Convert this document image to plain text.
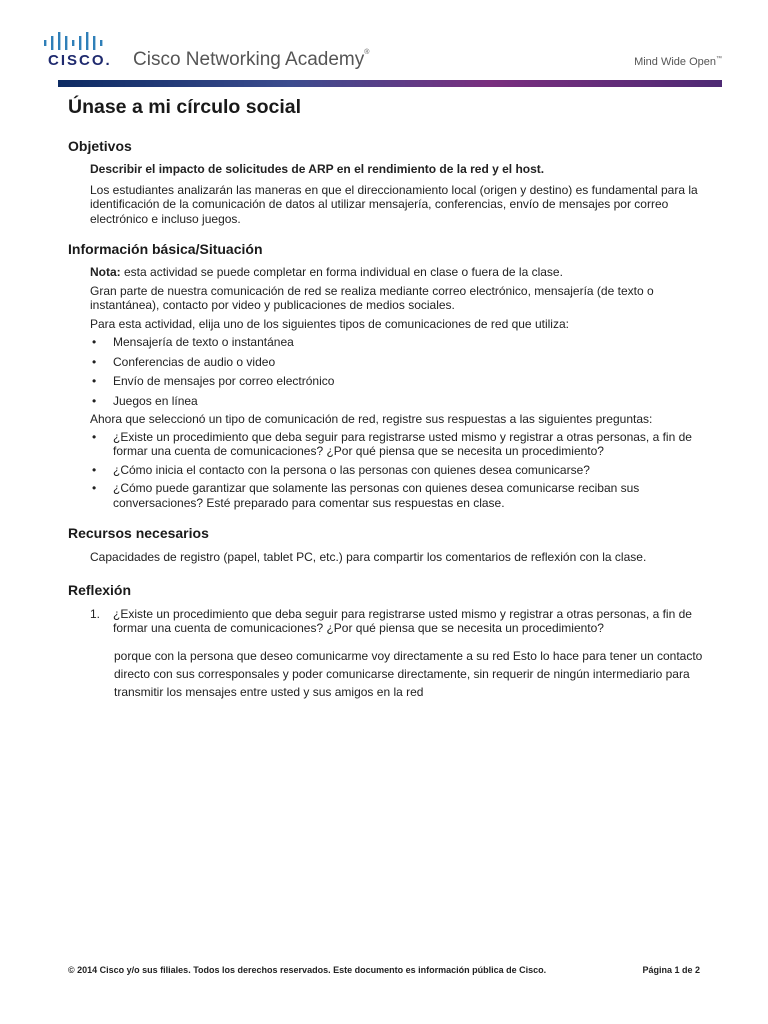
CISCO. Cisco Networking Academy®
Mind Wide Open™
Únase a mi círculo social
Objetivos

Describir el impacto de solicitudes de ARP en el rendimiento de la red y el host.

Los estudiantes analizarán las maneras en que el direccionamiento local (origen y destino) es fundamental para la identificación de la comunicación de datos al utilizar mensajería, conferencias, envío de mensajes por correo electrónico e incluso juegos.

Información básica/Situación

Nota: esta actividad se puede completar en forma individual en clase o fuera de la clase.

Gran parte de nuestra comunicación de red se realiza mediante correo electrónico, mensajería (de texto o instantánea), contacto por video y publicaciones de medios sociales.

Para esta actividad, elija uno de los siguientes tipos de comunicaciones de red que utiliza:

• Mensajería de texto o instantánea
• Conferencias de audio o video
• Envío de mensajes por correo electrónico
• Juegos en línea

Ahora que seleccionó un tipo de comunicación de red, registre sus respuestas a las siguientes preguntas:

• ¿Existe un procedimiento que deba seguir para registrarse usted mismo y registrar a otras personas, a fin de formar una cuenta de comunicaciones? ¿Por qué piensa que se necesita un procedimiento?
• ¿Cómo inicia el contacto con la persona o las personas con quienes desea comunicarse?
• ¿Cómo puede garantizar que solamente las personas con quienes desea comunicarse reciban sus conversaciones? Esté preparado para comentar sus respuestas en clase.
Recursos necesarios

Capacidades de registro (papel, tablet PC, etc.) para compartir los comentarios de reflexión con la clase.

Reflexión
1. ¿Existe un procedimiento que deba seguir para registrarse usted mismo y registrar a otras personas, a fin de formar una cuenta de comunicaciones? ¿Por qué piensa que se necesita un procedimiento?

porque con la persona que deseo comunicarme voy directamente a su red Esto lo hace para tener un contacto directo con sus corresponsales y poder comunicarse directamente, sin requerir de ningún intermediario para transmitir los mensajes entre usted y sus amigos en la red

© 2014 Cisco y/o sus filiales. Todos los derechos reservados. Este documento es información pública de Cisco.	Página 1 de 2
